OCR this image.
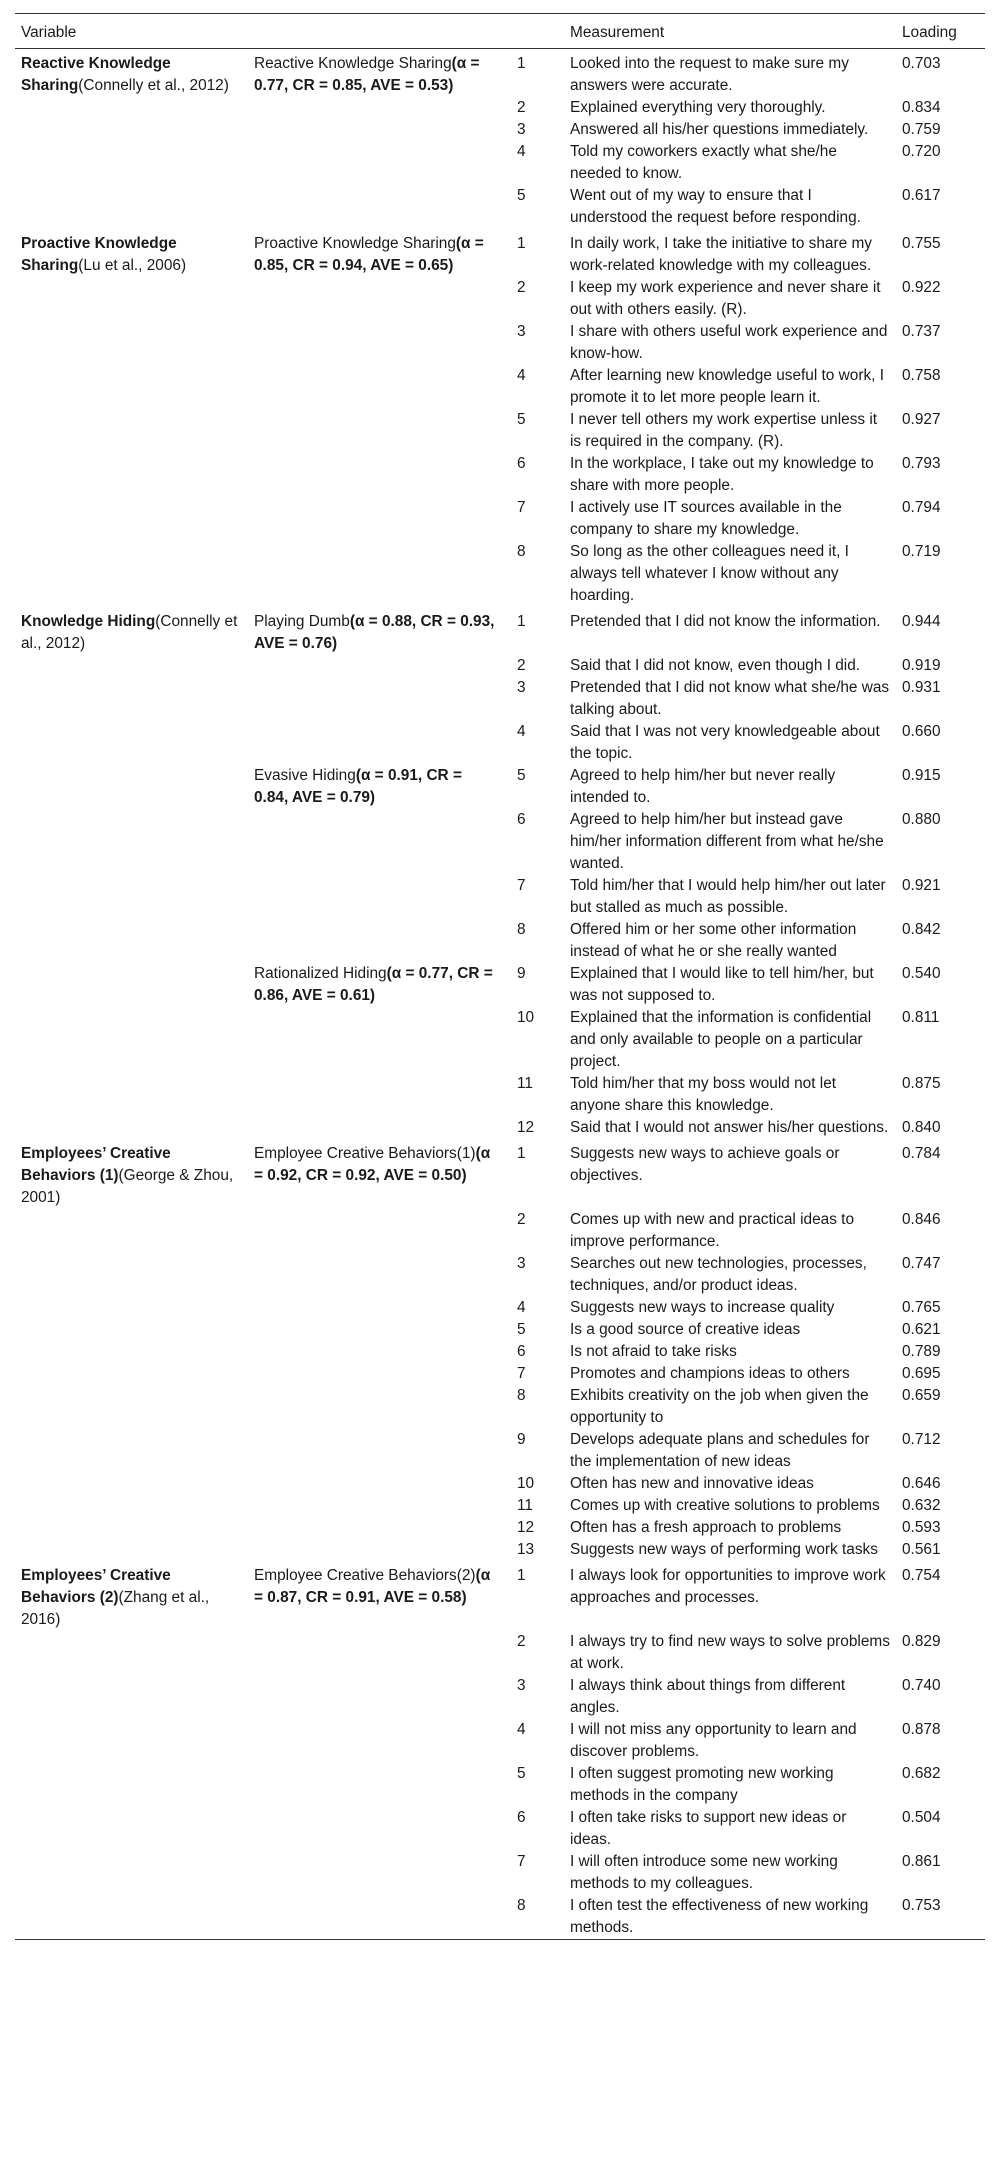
Variable			Measurement	Loading
Reactive Knowledge Sharing(Connelly et al., 2012)	Reactive Knowledge Sharing(α = 0.77, CR = 0.85, AVE = 0.53)	1	Looked into the request to make sure my answers were accurate.	0.703
		2	Explained everything very thoroughly.	0.834
		3	Answered all his/her questions immediately.	0.759
		4	Told my coworkers exactly what she/he needed to know.	0.720
		5	Went out of my way to ensure that I understood the request before responding.	0.617
Proactive Knowledge Sharing(Lu et al., 2006)	Proactive Knowledge Sharing(α = 0.85, CR = 0.94, AVE = 0.65)	1	In daily work, I take the initiative to share my work-related knowledge with my colleagues.	0.755
		2	I keep my work experience and never share it out with others easily. (R).	0.922
		3	I share with others useful work experience and know-how.	0.737
		4	After learning new knowledge useful to work, I promote it to let more people learn it.	0.758
		5	I never tell others my work expertise unless it is required in the company. (R).	0.927
		6	In the workplace, I take out my knowledge to share with more people.	0.793
		7	I actively use IT sources available in the company to share my knowledge.	0.794
		8	So long as the other colleagues need it, I always tell whatever I know without any hoarding.	0.719
Knowledge Hiding(Connelly et al., 2012)	Playing Dumb(α = 0.88, CR = 0.93, AVE = 0.76)	1	Pretended that I did not know the information.	0.944
		2	Said that I did not know, even though I did.	0.919
		3	Pretended that I did not know what she/he was talking about.	0.931
		4	Said that I was not very knowledgeable about the topic.	0.660
	Evasive Hiding(α = 0.91, CR = 0.84, AVE = 0.79)	5	Agreed to help him/her but never really intended to.	0.915
		6	Agreed to help him/her but instead gave him/her information different from what he/she wanted.	0.880
		7	Told him/her that I would help him/her out later but stalled as much as possible.	0.921
		8	Offered him or her some other information instead of what he or she really wanted	0.842
	Rationalized Hiding(α = 0.77, CR = 0.86, AVE = 0.61)	9	Explained that I would like to tell him/her, but was not supposed to.	0.540
		10	Explained that the information is confidential and only available to people on a particular project.	0.811
		11	Told him/her that my boss would not let anyone share this knowledge.	0.875
		12	Said that I would not answer his/her questions.	0.840
Employees’ Creative Behaviors (1)(George & Zhou, 2001)	Employee Creative Behaviors(1)(α = 0.92, CR = 0.92, AVE = 0.50)	1	Suggests new ways to achieve goals or objectives.	0.784
		2	Comes up with new and practical ideas to improve performance.	0.846
		3	Searches out new technologies, processes, techniques, and/or product ideas.	0.747
		4	Suggests new ways to increase quality	0.765
		5	Is a good source of creative ideas	0.621
		6	Is not afraid to take risks	0.789
		7	Promotes and champions ideas to others	0.695
		8	Exhibits creativity on the job when given the opportunity to	0.659
		9	Develops adequate plans and schedules for the implementation of new ideas	0.712
		10	Often has new and innovative ideas	0.646
		11	Comes up with creative solutions to problems	0.632
		12	Often has a fresh approach to problems	0.593
		13	Suggests new ways of performing work tasks	0.561
Employees’ Creative Behaviors (2)(Zhang et al., 2016)	Employee Creative Behaviors(2)(α = 0.87, CR = 0.91, AVE = 0.58)	1	I always look for opportunities to improve work approaches and processes.	0.754
		2	I always try to find new ways to solve problems at work.	0.829
		3	I always think about things from different angles.	0.740
		4	I will not miss any opportunity to learn and discover problems.	0.878
		5	I often suggest promoting new working methods in the company	0.682
		6	I often take risks to support new ideas or ideas.	0.504
		7	I will often introduce some new working methods to my colleagues.	0.861
		8	I often test the effectiveness of new working methods.	0.753
